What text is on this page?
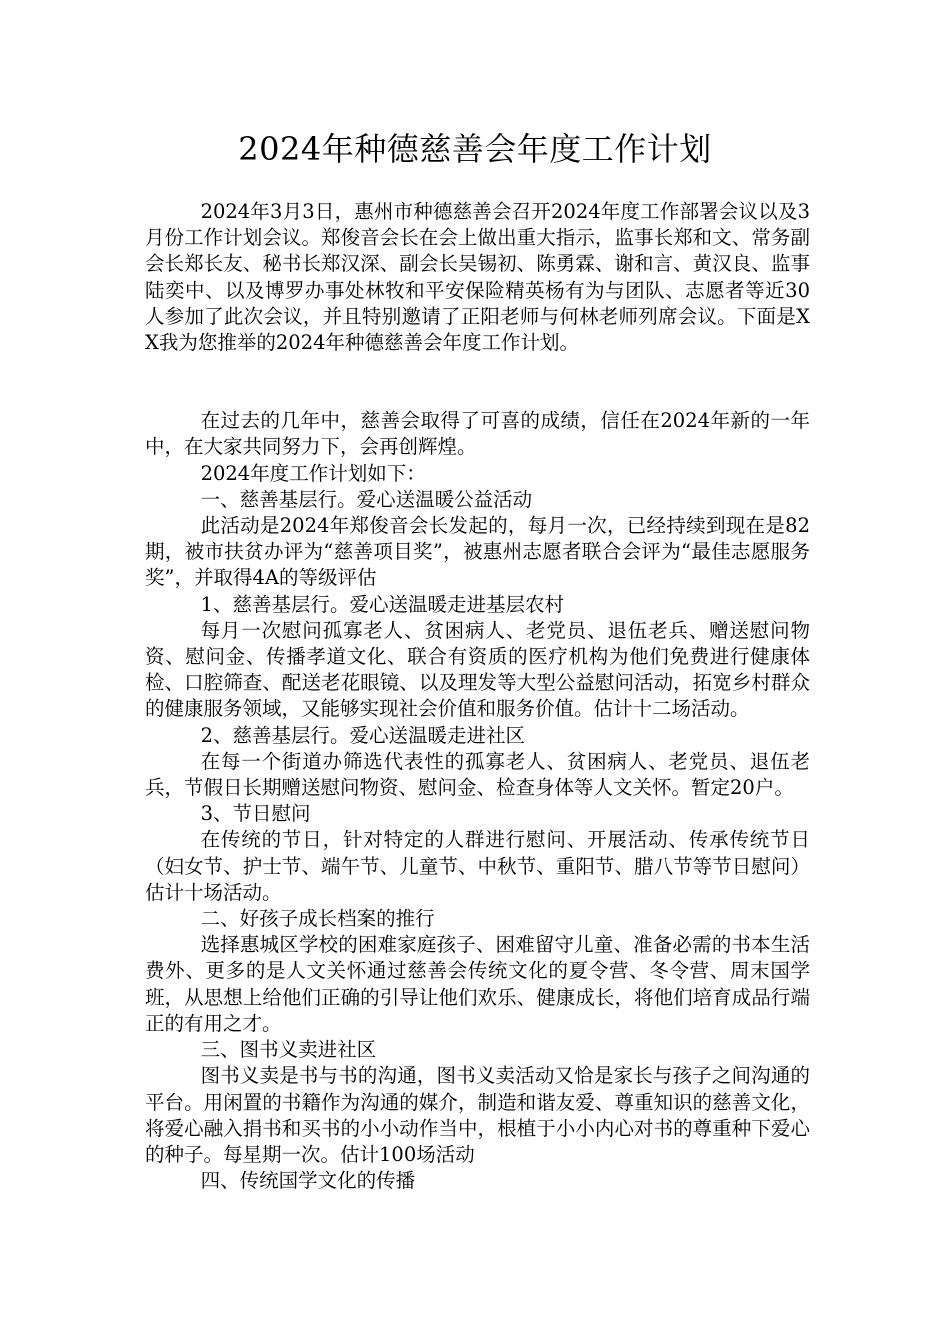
2024年种德慈善会年度工作计划

2024年3月3日，惠州市种德慈善会召开2024年度工作部署会议以及3月份工作计划会议。郑俊音会长在会上做出重大指示，监事长郑和文、常务副会长郑长友、秘书长郑汉深、副会长吴锡初、陈勇霖、谢和言、黄汉良、监事陆奕中、以及博罗办事处林牧和平安保险精英杨有为与团队、志愿者等近30人参加了此次会议，并且特别邀请了正阳老师与何林老师列席会议。下面是XX我为您推举的2024年种德慈善会年度工作计划。

在过去的几年中，慈善会取得了可喜的成绩，信任在2024年新的一年中，在大家共同努力下，会再创辉煌。

2024年度工作计划如下：

一、慈善基层行。爱心送温暖公益活动

此活动是2024年郑俊音会长发起的，每月一次，已经持续到现在是82期，被市扶贫办评为“慈善项目奖”，被惠州志愿者联合会评为“最佳志愿服务奖”，并取得4A的等级评估

1、慈善基层行。爱心送温暖走进基层农村

每月一次慰问孤寡老人、贫困病人、老党员、退伍老兵、赠送慰问物资、慰问金、传播孝道文化、联合有资质的医疗机构为他们免费进行健康体检、口腔筛查、配送老花眼镜、以及理发等大型公益慰问活动，拓宽乡村群众的健康服务领域，又能够实现社会价值和服务价值。估计十二场活动。

2、慈善基层行。爱心送温暖走进社区

在每一个街道办筛选代表性的孤寡老人、贫困病人、老党员、退伍老兵，节假日长期赠送慰问物资、慰问金、检查身体等人文关怀。暂定20户。

3、节日慰问

在传统的节日，针对特定的人群进行慰问、开展活动、传承传统节日（妇女节、护士节、端午节、儿童节、中秋节、重阳节、腊八节等节日慰问）估计十场活动。

二、好孩子成长档案的推行

选择惠城区学校的困难家庭孩子、困难留守儿童、准备必需的书本生活费外、更多的是人文关怀通过慈善会传统文化的夏令营、冬令营、周末国学班，从思想上给他们正确的引导让他们欢乐、健康成长，将他们培育成品行端正的有用之才。

三、图书义卖进社区

图书义卖是书与书的沟通，图书义卖活动又恰是家长与孩子之间沟通的平台。用闲置的书籍作为沟通的媒介，制造和谐友爱、尊重知识的慈善文化，将爱心融入捐书和买书的小小动作当中，根植于小小内心对书的尊重种下爱心的种子。每星期一次。估计100场活动

四、传统国学文化的传播
